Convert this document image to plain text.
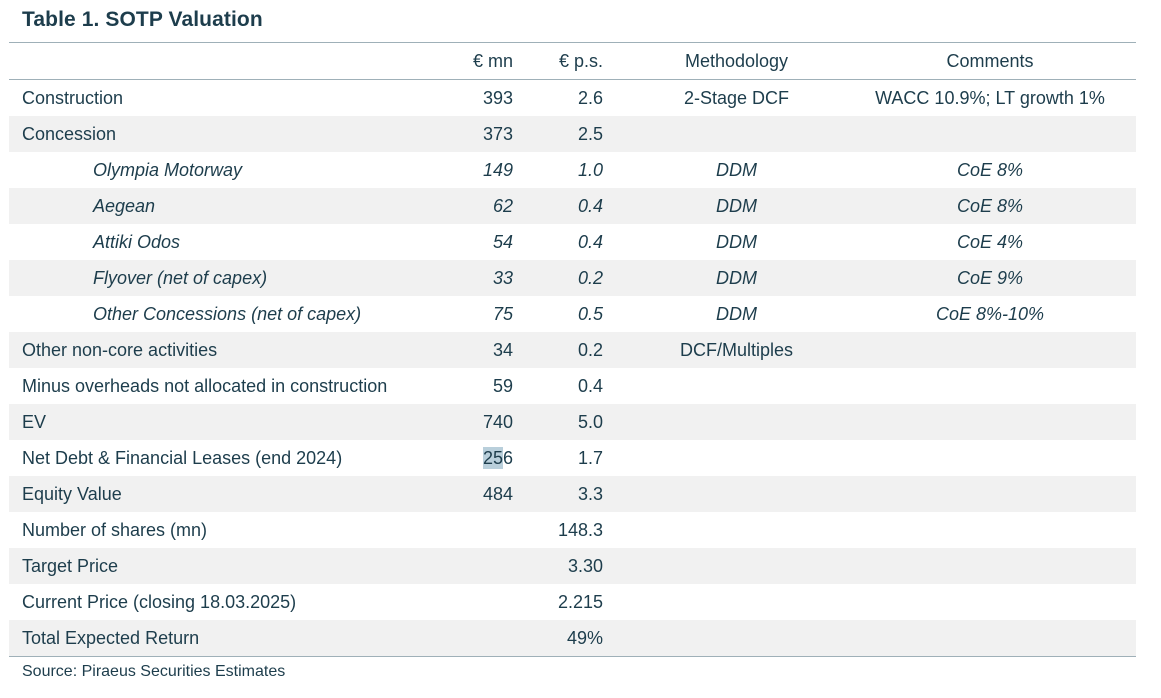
Table 1. SOTP Valuation
	€ mn	€ p.s.	Methodology	Comments
Construction	393	2.6	2-Stage DCF	WACC 10.9%; LT growth 1%
Concession	373	2.5		
Olympia Motorway	149	1.0	DDM	CoE 8%
Aegean	62	0.4	DDM	CoE 8%
Attiki Odos	54	0.4	DDM	CoE 4%
Flyover (net of capex)	33	0.2	DDM	CoE 9%
Other Concessions (net of capex)	75	0.5	DDM	CoE 8%-10%
Other non-core activities	34	0.2	DCF/Multiples	
Minus overheads not allocated in construction	59	0.4		
EV	740	5.0		
Net Debt & Financial Leases (end 2024)	256	1.7		
Equity Value	484	3.3		
Number of shares (mn)		148.3		
Target Price		3.30		
Current Price (closing 18.03.2025)		2.215		
Total Expected Return		49%		
Source: Piraeus Securities Estimates
